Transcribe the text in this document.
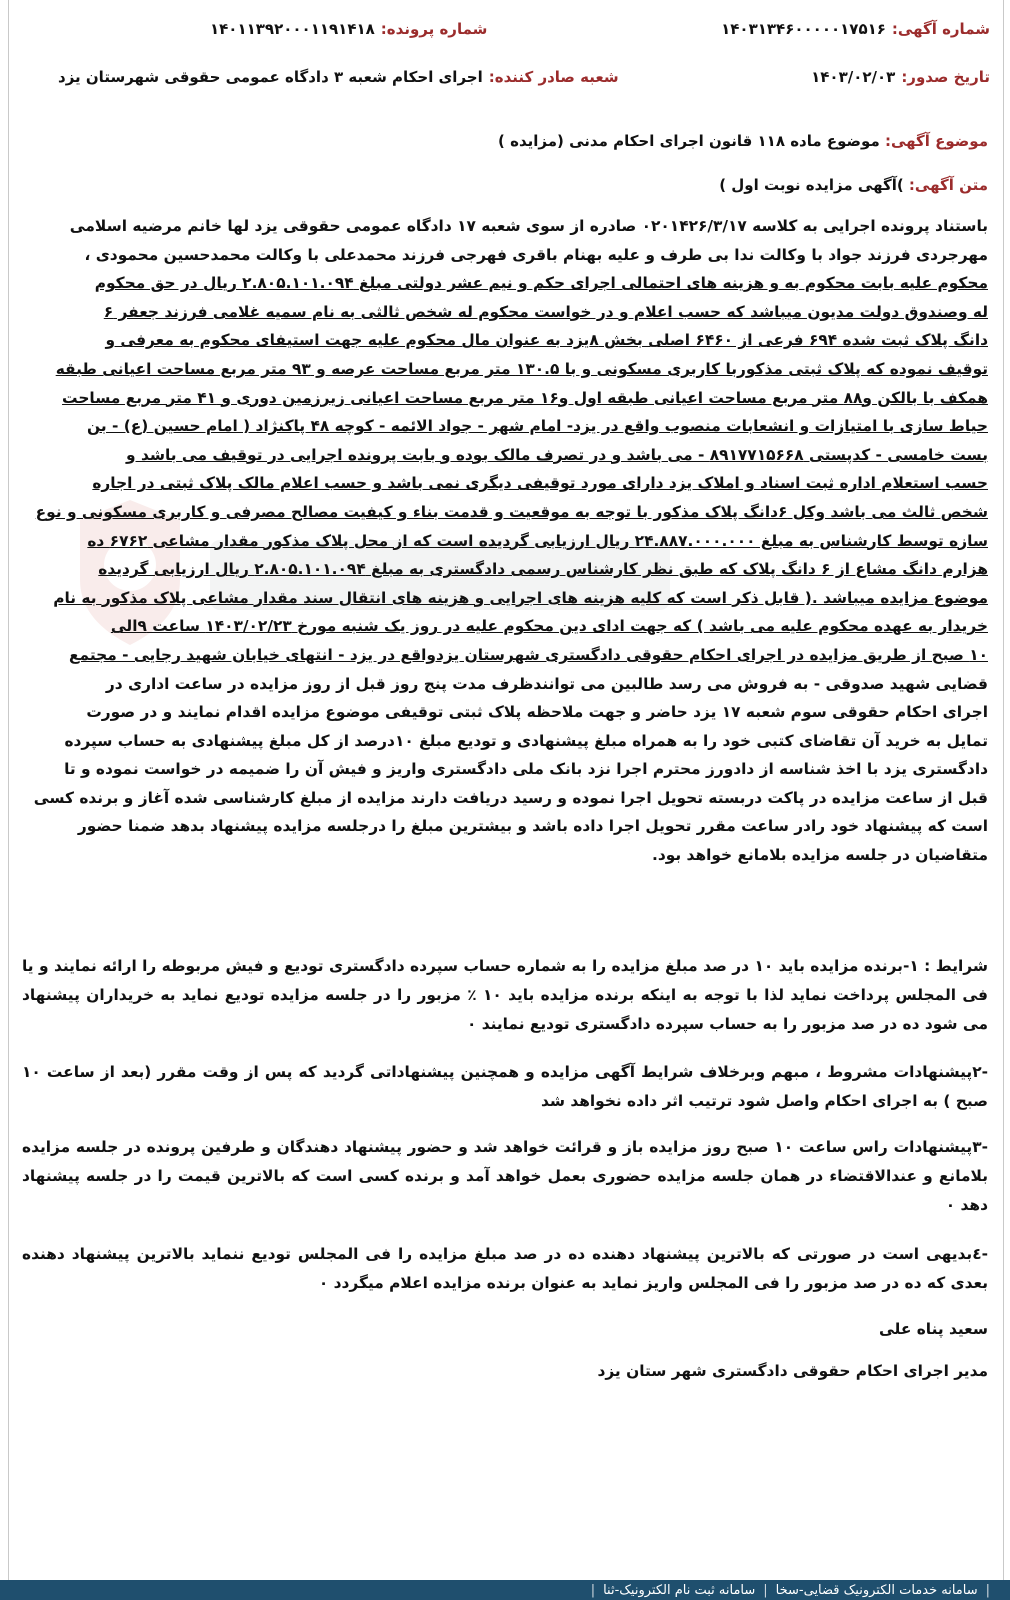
شماره آگهی:
۱۴۰۳۱۳۴۶۰۰۰۰۰۱۷۵۱۶
شماره پرونده:
۱۴۰۱۱۳۹۲۰۰۰۱۱۹۱۴۱۸
تاریخ صدور:
۱۴۰۳/۰۲/۰۳
شعبه صادر کننده:
اجرای احکام شعبه ۳ دادگاه عمومی حقوقی شهرستان یزد
موضوع آگهی: موضوع ماده ۱۱۸ قانون اجرای احکام مدنی (مزایده )
متن آگهی: )آگهی مزایده نوبت اول )

باستناد پرونده اجرایی به کلاسه ۰۲۰۱۴۲۶/۳/۱۷ صادره از سوی شعبه ۱۷ دادگاه عمومی حقوقی یزد لها خانم مرضیه اسلامی

مهرجردی فرزند جواد با وکالت ندا بی طرف و علیه بهنام باقری فهرجی فرزند محمدعلی با وکالت محمدحسین محمودی ،

محکوم علیه بابت محکوم به و هزینه های احتمالی اجرای حکم و نیم عشر دولتی مبلغ ۲.۸۰۵.۱۰۱.۰۹۴ ریال در حق محکوم

له وصندوق دولت مدیون میباشد که حسب اعلام و در خواست محکوم له شخص ثالثی به نام سمیه غلامی فرزند جعفر ۶

دانگ پلاک ثبت شده ۶۹۴ فرعی از ۶۴۶۰ اصلی بخش ۸یزد به عنوان مال محکوم علیه جهت استیفای محکوم به معرفی و

توقیف نموده که پلاک ثبتی مذکوربا کاربری مسکونی و با ۱۳۰.۵ متر مربع مساحت عرصه و ۹۳ متر مربع مساحت اعیانی طبقه

همکف با بالکن و۸۸ متر مربع مساحت اعیانی طبقه اول و۱۶ متر مربع مساحت اعیانی زیرزمین دوری و ۴۱ متر مربع مساحت

حیاط سازی با امتیازات و انشعابات منصوب واقع در یزد- امام شهر - جواد الائمه - کوچه ۴۸ پاکنژاد ( امام حسین (ع) - بن

بست خامسی - کدپستی ۸۹۱۷۷۱۵۶۶۸ - می باشد و در تصرف مالک بوده و بابت پرونده اجرایی در توقیف می باشد و

حسب استعلام اداره ثبت اسناد و املاک یزد دارای مورد توقیفی دیگری نمی باشد و حسب اعلام مالک پلاک ثبتی در اجاره

شخص ثالث می باشد وکل ۶دانگ پلاک مذکور با توجه به موقعیت و قدمت بناء و کیفیت مصالح مصرفی و کاربری مسکونی و نوع

سازه توسط کارشناس به مبلغ ۲۴.۸۸۷.۰۰۰.۰۰۰ ریال ارزیابی گردیده است که از محل پلاک مذکور مقدار مشاعی ۶۷۶۲ ده

هزارم دانگ مشاع از ۶ دانگ پلاک که طبق نظر کارشناس رسمی دادگستری به مبلغ ۲.۸۰۵.۱۰۱.۰۹۴ ریال ارزیابی گردیده

موضوع مزایده میباشد .( قابل ذکر است که کلیه هزینه های اجرایی و هزینه های انتقال سند مقدار مشاعی پلاک مذکور به نام

خریدار به عهده محکوم علیه می باشد ) که جهت ادای دین محکوم علیه در روز یک شنبه مورخ ۱۴۰۳/۰۲/۲۳ ساعت ۹الی

۱۰ صبح از طریق مزایده در اجرای احکام حقوقی دادگستری شهرستان یزدواقع در یزد - انتهای خیابان شهید رجایی - مجتمع

قضایی شهید صدوقی - به فروش می رسد طالبین می توانندظرف مدت پنج روز قبل از روز مزایده در ساعت اداری در

اجرای احکام حقوقی سوم شعبه ۱۷ یزد حاضر و جهت ملاحظه پلاک ثبتی توقیفی موضوع مزایده اقدام نمایند و در صورت

تمایل به خرید آن تقاضای کتبی خود را به همراه مبلغ پیشنهادی و تودیع مبلغ ۱۰درصد از کل مبلغ پیشنهادی به حساب سپرده

دادگستری یزد با اخذ شناسه از دادورز محترم اجرا نزد بانک ملی دادگستری واریز و فیش آن را ضمیمه در خواست نموده و تا

قبل از ساعت مزایده در پاکت دربسته تحویل اجرا نموده و رسید دریافت دارند مزایده از مبلغ کارشناسی شده آغاز و برنده کسی

است که پیشنهاد خود رادر ساعت مقرر تحویل اجرا داده باشد و بیشترین مبلغ را درجلسه مزایده پیشنهاد بدهد ضمنا حضور

متقاضیان در جلسه مزایده بلامانع خواهد بود.

شرایط : ۱-برنده مزایده باید ۱۰ در صد مبلغ مزایده را به شماره حساب سپرده دادگستری تودیع و فیش مربوطه را ارائه نمایند و یا فی المجلس پرداخت نماید لذا با توجه به اینکه برنده مزایده باید ۱۰ ٪ مزبور را در جلسه مزایده تودیع نماید به خریداران پیشنهاد می شود ده در صد مزبور را به حساب سپرده دادگستری تودیع نمایند ۰

-۲پیشنهادات مشروط ، مبهم وبرخلاف شرایط آگهی مزایده و همچنین پیشنهاداتی گردید که پس از وقت مقرر (بعد از ساعت ۱۰ صبح ) به اجرای احکام واصل شود ترتیب اثر داده نخواهد شد

-۳پیشنهادات راس ساعت ۱۰ صبح روز مزایده باز و قرائت خواهد شد و حضور پیشنهاد دهندگان و طرفین پرونده در جلسه مزایده بلامانع و عندالاقتضاء در همان جلسه مزایده حضوری بعمل خواهد آمد و برنده کسی است که بالاترین قیمت را در جلسه پیشنهاد دهد ۰

-٤بدیهی است در صورتی که بالاترین پیشنهاد دهنده ده در صد مبلغ مزایده را فی المجلس تودیع ننماید بالاترین پیشنهاد دهنده بعدی که ده در صد مزبور را فی المجلس واریز نماید به عنوان برنده مزایده اعلام میگردد ۰

سعید پناه علی
مدیر اجرای احکام حقوقی دادگستری شهر ستان یزد
|
سامانه خدمات الکترونیک قضایی-سخا
|
سامانه ثبت نام الکترونیک-ثنا
|
